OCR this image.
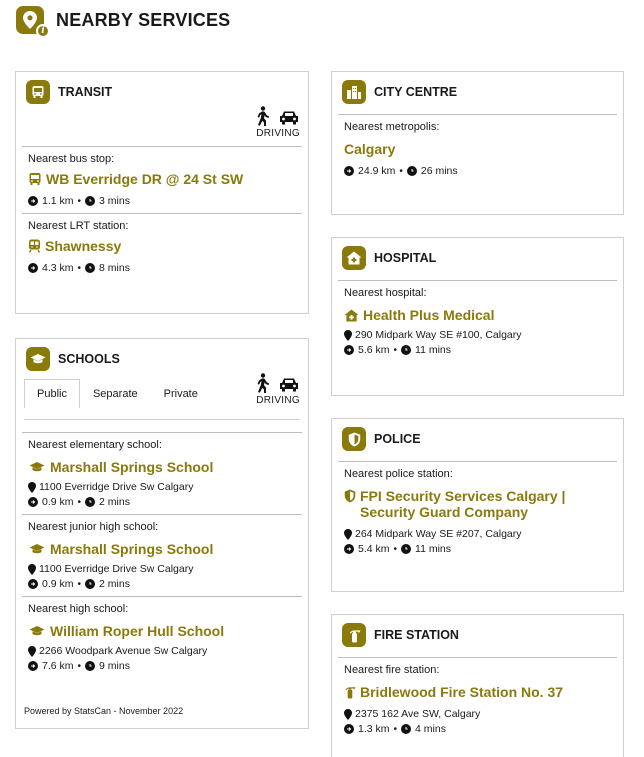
i
NEARBY SERVICES
TRANSIT
DRIVING
Nearest bus stop:
WB Everridge DR @ 24 St SW
1.1 km • 3 mins
Nearest LRT station:
Shawnessy
4.3 km • 8 mins
SCHOOLS
Public	Separate	Private
DRIVING
Nearest elementary school:
Marshall Springs School
1100 Everridge Drive Sw Calgary
0.9 km • 2 mins
Nearest junior high school:
Marshall Springs School
1100 Everridge Drive Sw Calgary
0.9 km • 2 mins
Nearest high school:
William Roper Hull School
2266 Woodpark Avenue Sw Calgary
7.6 km • 9 mins
Powered by StatsCan - November 2022
CITY CENTRE
Nearest metropolis:
Calgary
24.9 km • 26 mins
HOSPITAL
Nearest hospital:
Health Plus Medical
290 Midpark Way SE #100, Calgary
5.6 km • 11 mins
POLICE
Nearest police station:
FPI Security Services Calgary | Security Guard Company
264 Midpark Way SE #207, Calgary
5.4 km • 11 mins
FIRE STATION
Nearest fire station:
Bridlewood Fire Station No. 37
2375 162 Ave SW, Calgary
1.3 km • 4 mins
